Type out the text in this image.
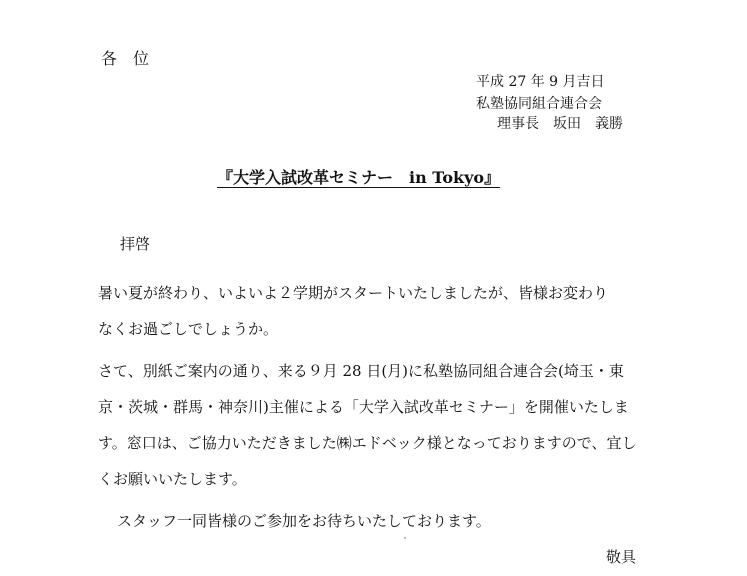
各位
平成 27 年 9 月吉日
私塾協同組合連合会
理事長 坂田　義勝
『大学入試改革セミナー　in Tokyo』
拝啓
暑い夏が終わり、いよいよ２学期がスタートいたしましたが、皆様お変わり
なくお過ごしでしょうか。
さて、別紙ご案内の通り、来る９月 28 日(月)に私塾協同組合連合会(埼玉・東
京・茨城・群馬・神奈川)主催による「大学入試改革セミナー」を開催いたしま
す。窓口は、ご協力いただきました㈱エドベック様となっておりますので、宜し
くお願いいたします。
スタッフ一同皆様のご参加をお待ちいたしております。
敬具
